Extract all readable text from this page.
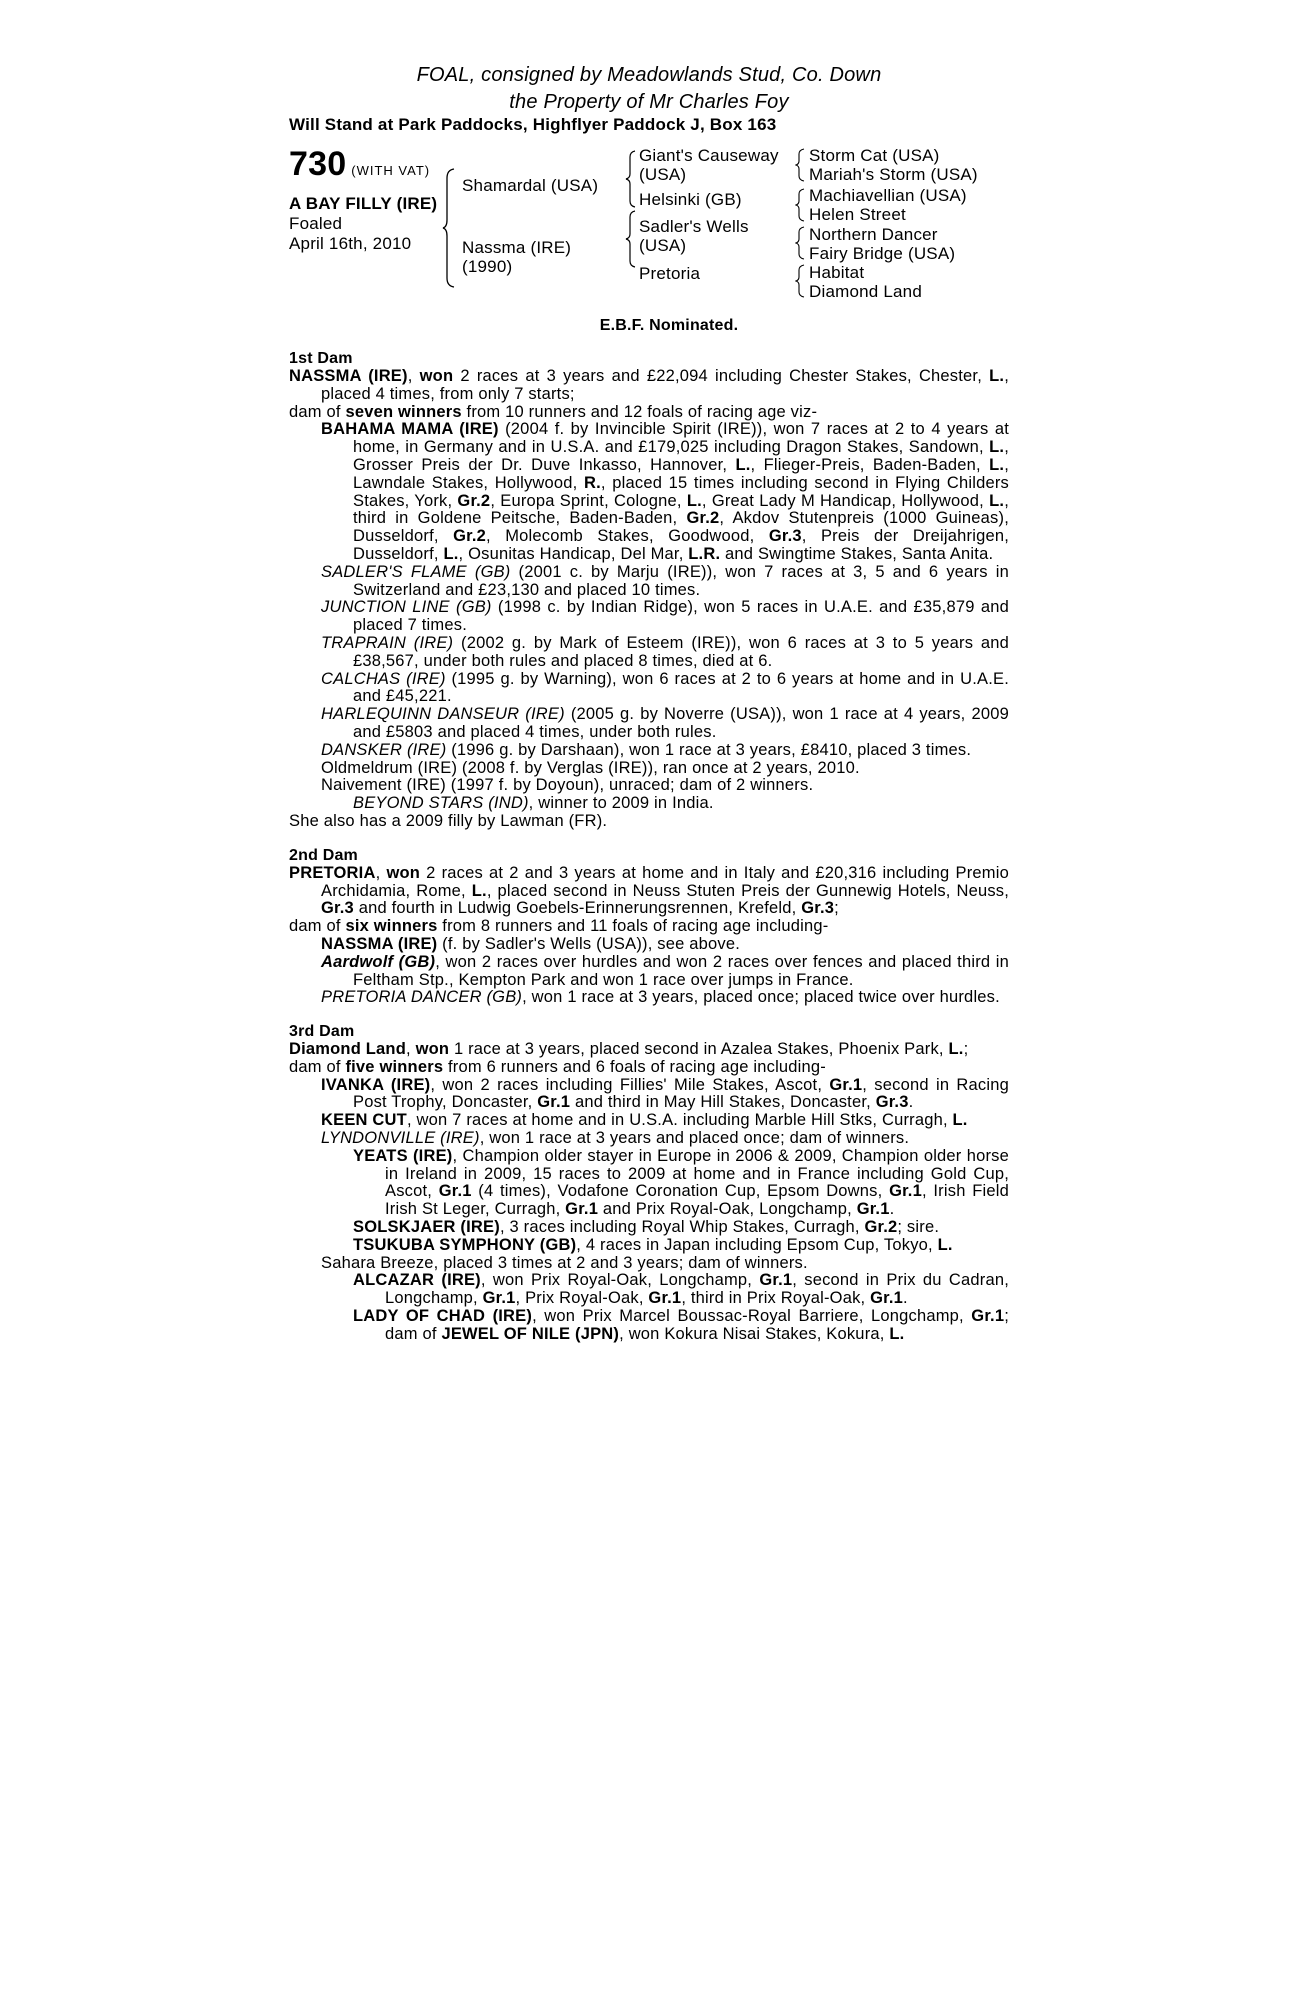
FOAL, consigned by Meadowlands Stud, Co. Down
the Property of Mr Charles Foy
Will Stand at Park Paddocks, Highflyer Paddock J, Box 163
730 (WITH VAT)
A BAY FILLY (IRE)
Foaled
April 16th, 2010
Shamardal (USA)
Nassma (IRE)
(1990)
Giant's Causeway
(USA)
Helsinki (GB)
Sadler's Wells
(USA)
Pretoria
Storm Cat (USA)
Mariah's Storm (USA)
Machiavellian (USA)
Helen Street
Northern Dancer
Fairy Bridge (USA)
Habitat
Diamond Land
E.B.F. Nominated.
1st Dam

NASSMA (IRE), won 2 races at 3 years and £22,094 including Chester Stakes, Chester, L., placed 4 times, from only 7 starts;

dam of seven winners from 10 runners and 12 foals of racing age viz-

BAHAMA MAMA (IRE) (2004 f. by Invincible Spirit (IRE)), won 7 races at 2 to 4 years at home, in Germany and in U.S.A. and £179,025 including Dragon Stakes, Sandown, L., Grosser Preis der Dr. Duve Inkasso, Hannover, L., Flieger-Preis, Baden-Baden, L., Lawndale Stakes, Hollywood, R., placed 15 times including second in Flying Childers Stakes, York, Gr.2, Europa Sprint, Cologne, L., Great Lady M Handicap, Hollywood, L., third in Goldene Peitsche, Baden-Baden, Gr.2, Akdov Stutenpreis (1000 Guineas), Dusseldorf, Gr.2, Molecomb Stakes, Goodwood, Gr.3, Preis der Dreijahrigen, Dusseldorf, L., Osunitas Handicap, Del Mar, L.R. and Swingtime Stakes, Santa Anita.

SADLER'S FLAME (GB) (2001 c. by Marju (IRE)), won 7 races at 3, 5 and 6 years in Switzerland and £23,130 and placed 10 times.

JUNCTION LINE (GB) (1998 c. by Indian Ridge), won 5 races in U.A.E. and £35,879 and placed 7 times.

TRAPRAIN (IRE) (2002 g. by Mark of Esteem (IRE)), won 6 races at 3 to 5 years and £38,567, under both rules and placed 8 times, died at 6.

CALCHAS (IRE) (1995 g. by Warning), won 6 races at 2 to 6 years at home and in U.A.E. and £45,221.

HARLEQUINN DANSEUR (IRE) (2005 g. by Noverre (USA)), won 1 race at 4 years, 2009 and £5803 and placed 4 times, under both rules.

DANSKER (IRE) (1996 g. by Darshaan), won 1 race at 3 years, £8410, placed 3 times.

Oldmeldrum (IRE) (2008 f. by Verglas (IRE)), ran once at 2 years, 2010.

Naivement (IRE) (1997 f. by Doyoun), unraced; dam of 2 winners.

BEYOND STARS (IND), winner to 2009 in India.

She also has a 2009 filly by Lawman (FR).

2nd Dam

PRETORIA, won 2 races at 2 and 3 years at home and in Italy and £20,316 including Premio Archidamia, Rome, L., placed second in Neuss Stuten Preis der Gunnewig Hotels, Neuss, Gr.3 and fourth in Ludwig Goebels-Erinnerungsrennen, Krefeld, Gr.3;

dam of six winners from 8 runners and 11 foals of racing age including-

NASSMA (IRE) (f. by Sadler's Wells (USA)), see above.

Aardwolf (GB), won 2 races over hurdles and won 2 races over fences and placed third in Feltham Stp., Kempton Park and won 1 race over jumps in France.

PRETORIA DANCER (GB), won 1 race at 3 years, placed once; placed twice over hurdles.

3rd Dam

Diamond Land, won 1 race at 3 years, placed second in Azalea Stakes, Phoenix Park, L.;

dam of five winners from 6 runners and 6 foals of racing age including-

IVANKA (IRE), won 2 races including Fillies' Mile Stakes, Ascot, Gr.1, second in Racing Post Trophy, Doncaster, Gr.1 and third in May Hill Stakes, Doncaster, Gr.3.

KEEN CUT, won 7 races at home and in U.S.A. including Marble Hill Stks, Curragh, L.

LYNDONVILLE (IRE), won 1 race at 3 years and placed once; dam of winners.

YEATS (IRE), Champion older stayer in Europe in 2006 & 2009, Champion older horse in Ireland in 2009, 15 races to 2009 at home and in France including Gold Cup, Ascot, Gr.1 (4 times), Vodafone Coronation Cup, Epsom Downs, Gr.1, Irish Field Irish St Leger, Curragh, Gr.1 and Prix Royal-Oak, Longchamp, Gr.1.

SOLSKJAER (IRE), 3 races including Royal Whip Stakes, Curragh, Gr.2; sire.

TSUKUBA SYMPHONY (GB), 4 races in Japan including Epsom Cup, Tokyo, L.

Sahara Breeze, placed 3 times at 2 and 3 years; dam of winners.

ALCAZAR (IRE), won Prix Royal-Oak, Longchamp, Gr.1, second in Prix du Cadran, Longchamp, Gr.1, Prix Royal-Oak, Gr.1, third in Prix Royal-Oak, Gr.1.

LADY OF CHAD (IRE), won Prix Marcel Boussac-Royal Barriere, Longchamp, Gr.1; dam of JEWEL OF NILE (JPN), won Kokura Nisai Stakes, Kokura, L.
